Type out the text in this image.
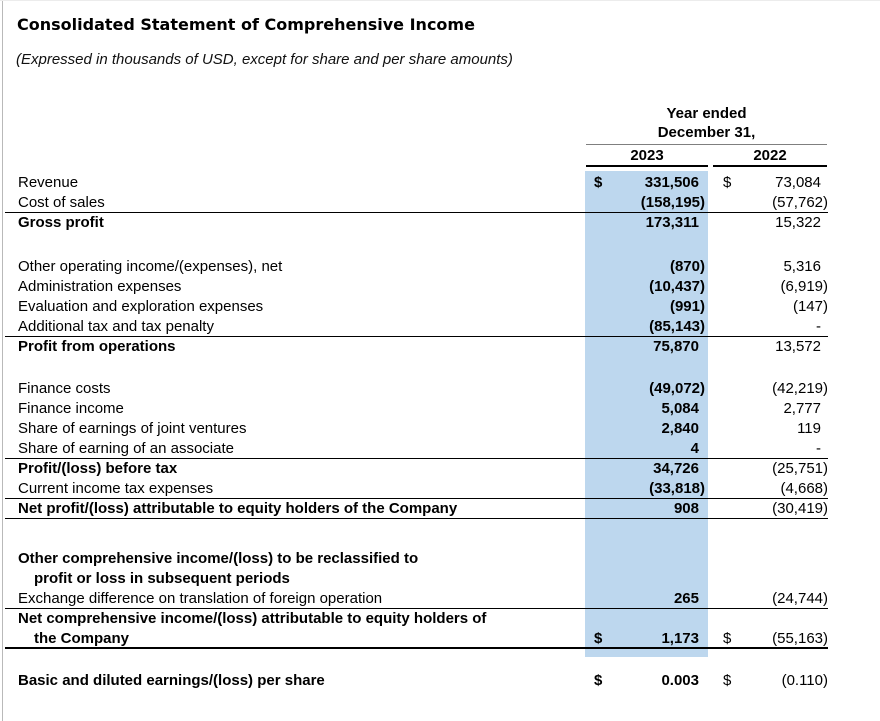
Consolidated Statement of Comprehensive Income
(Expressed in thousands of USD, except for share and per share amounts)
Year ended
December 31,
2023	2022
Revenue	$	331,506	$	73,084
Cost of sales	(158,195)	(57,762)
Gross profit	173,311	15,322
Other operating income/(expenses), net	(870)	5,316
Administration expenses	(10,437)	(6,919)
Evaluation and exploration expenses	(991)	(147)
Additional tax and tax penalty	(85,143)	-
Profit from operations	75,870	13,572
Finance costs	(49,072)	(42,219)
Finance income	5,084	2,777
Share of earnings of joint ventures	2,840	119
Share of earning of an associate	4	-
Profit/(loss) before tax	34,726	(25,751)
Current income tax expenses	(33,818)	(4,668)
Net profit/(loss) attributable to equity holders of the Company	908	(30,419)
Other comprehensive income/(loss) to be reclassified to
profit or loss in subsequent periods
Exchange difference on translation of foreign operation	265	(24,744)
Net comprehensive income/(loss) attributable to equity holders of
the Company	$	1,173	$	(55,163)
Basic and diluted earnings/(loss) per share	$	0.003	$	(0.110)
